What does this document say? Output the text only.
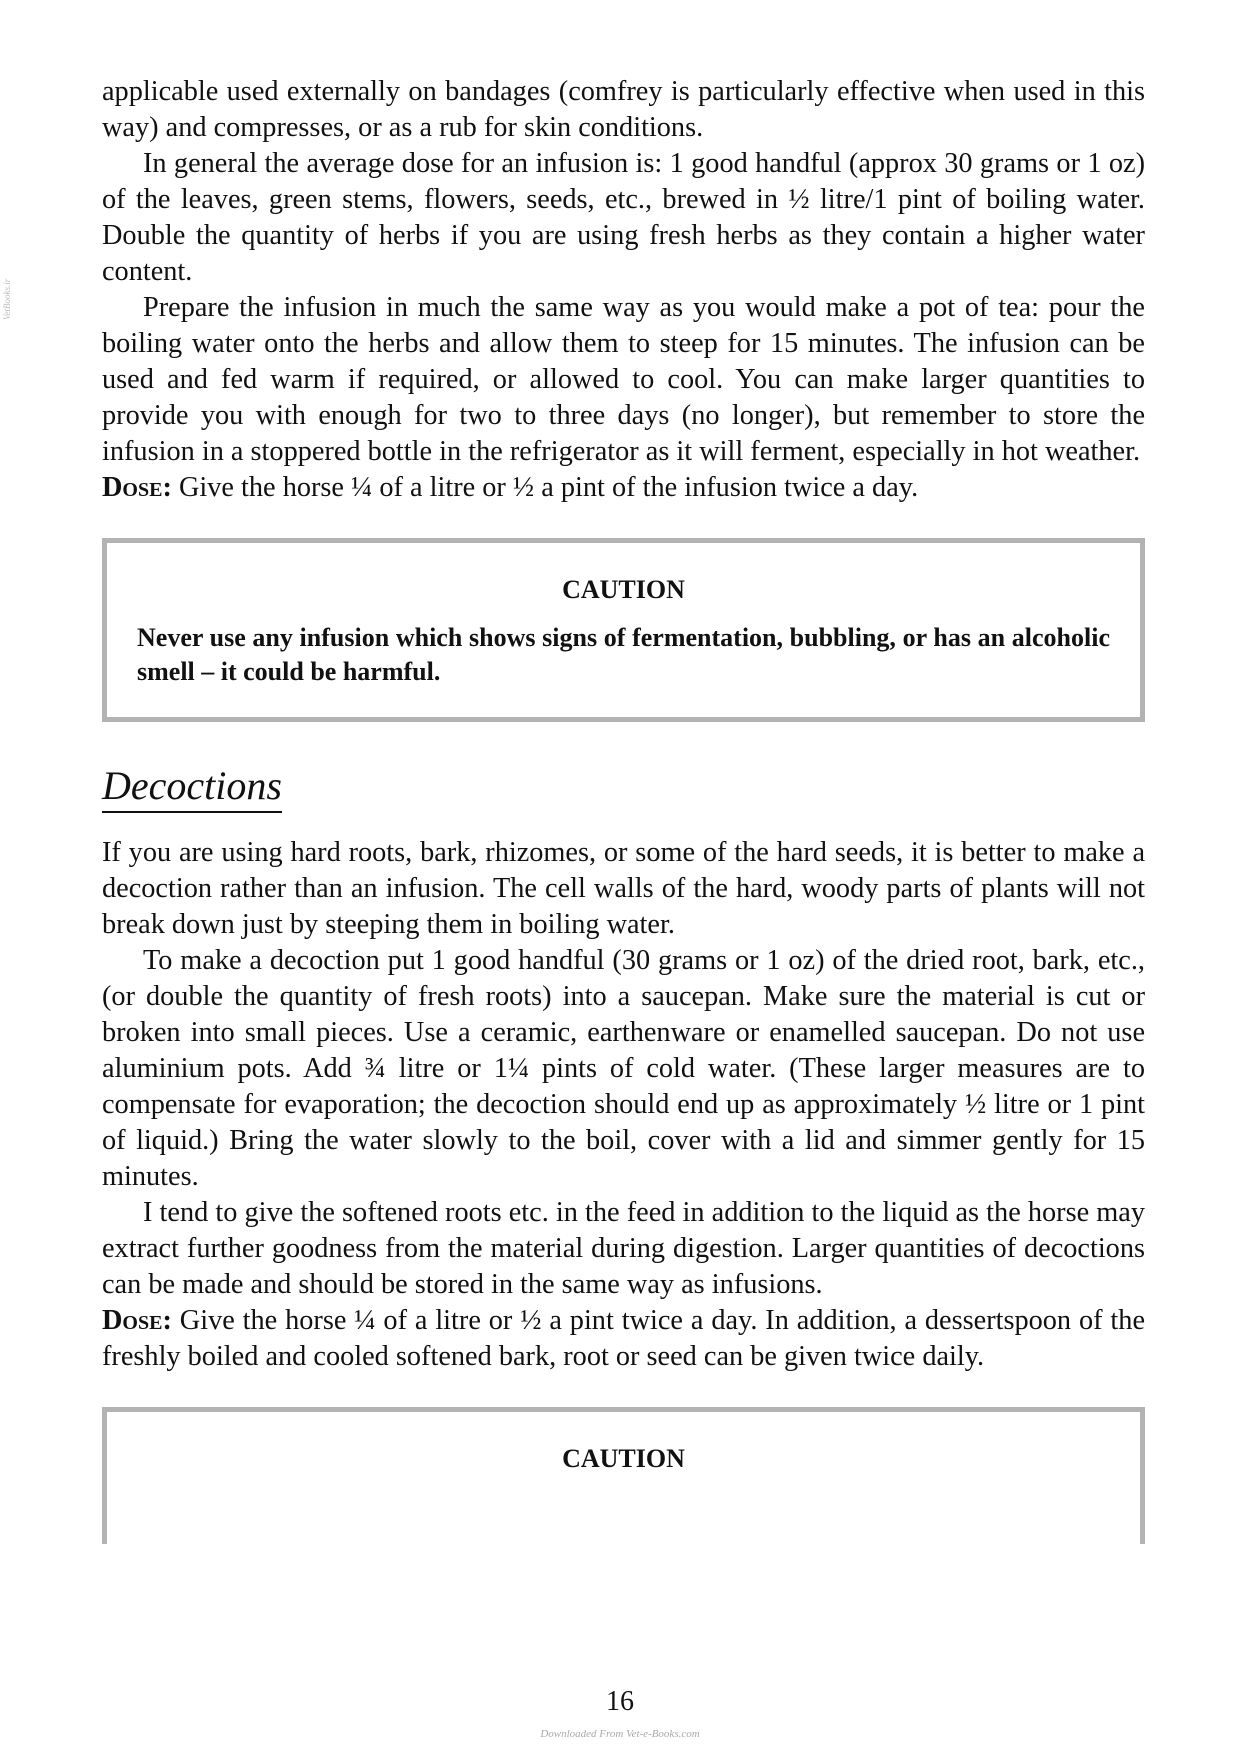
VetBooks.ir

applicable used externally on bandages (comfrey is particularly effective when used in this way) and compresses, or as a rub for skin conditions.

In general the average dose for an infusion is: 1 good handful (approx 30 grams or 1 oz) of the leaves, green stems, flowers, seeds, etc., brewed in ½ litre/1 pint of boiling water. Double the quantity of herbs if you are using fresh herbs as they contain a higher water content.

Prepare the infusion in much the same way as you would make a pot of tea: pour the boiling water onto the herbs and allow them to steep for 15 minutes. The infusion can be used and fed warm if required, or allowed to cool. You can make larger quantities to provide you with enough for two to three days (no longer), but remember to store the infusion in a stoppered bottle in the refrigerator as it will ferment, especially in hot weather.

Dose: Give the horse ¼ of a litre or ½ a pint of the infusion twice a day.

CAUTION

Never use any infusion which shows signs of fermentation, bubbling, or has an alcoholic smell – it could be harmful.

Decoctions

If you are using hard roots, bark, rhizomes, or some of the hard seeds, it is better to make a decoction rather than an infusion. The cell walls of the hard, woody parts of plants will not break down just by steeping them in boiling water.

To make a decoction put 1 good handful (30 grams or 1 oz) of the dried root, bark, etc., (or double the quantity of fresh roots) into a saucepan. Make sure the material is cut or broken into small pieces. Use a ceramic, earthenware or enamelled saucepan. Do not use aluminium pots. Add ¾ litre or 1¼ pints of cold water. (These larger measures are to compensate for evaporation; the decoction should end up as approximately ½ litre or 1 pint of liquid.) Bring the water slowly to the boil, cover with a lid and simmer gently for 15 minutes.

I tend to give the softened roots etc. in the feed in addition to the liquid as the horse may extract further goodness from the material during digestion. Larger quantities of decoctions can be made and should be stored in the same way as infusions.

Dose: Give the horse ¼ of a litre or ½ a pint twice a day. In addition, a dessertspoon of the freshly boiled and cooled softened bark, root or seed can be given twice daily.

CAUTION
16
Downloaded From Vet-e-Books.com
